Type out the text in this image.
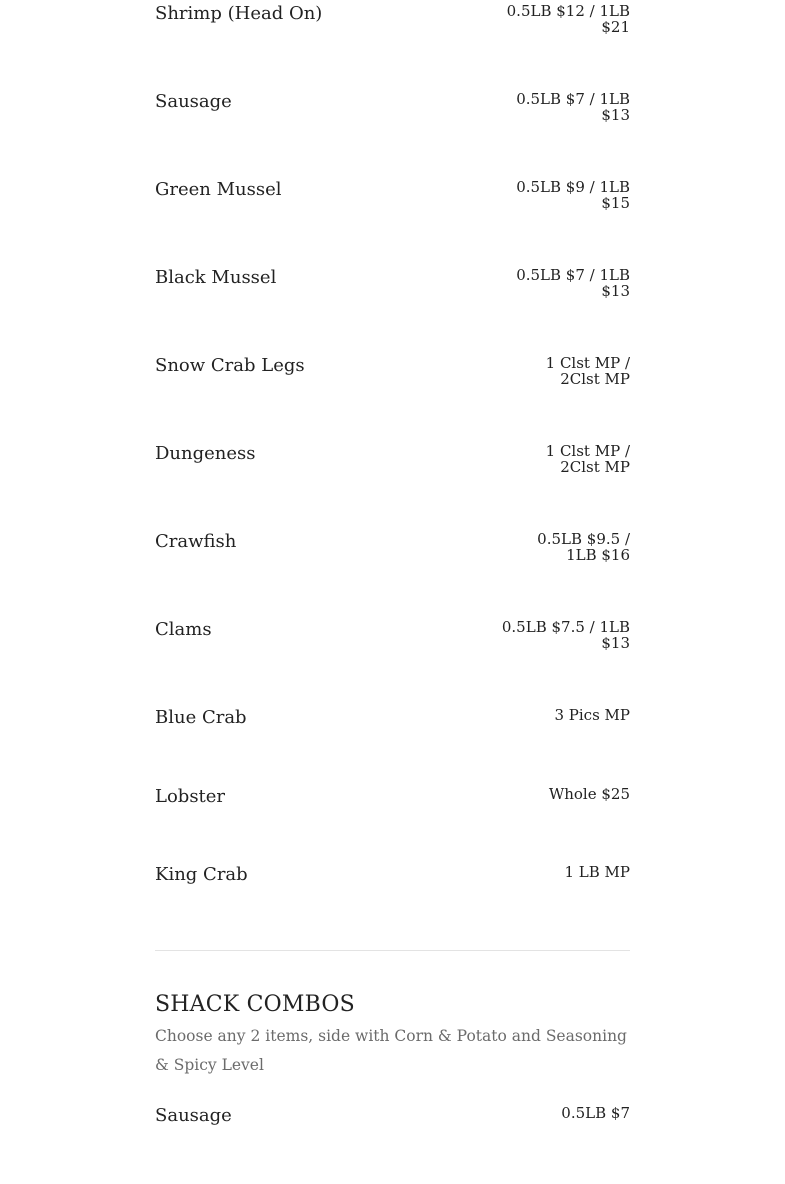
Shrimp (Head On)	0.5LB $12 / 1LB
$21
Sausage	0.5LB $7 / 1LB
$13
Green Mussel	0.5LB $9 / 1LB
$15
Black Mussel	0.5LB $7 / 1LB
$13
Snow Crab Legs	1 Clst MP /
2Clst MP
Dungeness	1 Clst MP /
2Clst MP
Crawfish	0.5LB $9.5 /
1LB $16
Clams	0.5LB $7.5 / 1LB
$13
Blue Crab	3 Pics MP
Lobster	Whole $25
King Crab	1 LB MP
SHACK COMBOS
Choose any 2 items, side with Corn & Potato and Seasoning & Spicy Level
Sausage	0.5LB $7
